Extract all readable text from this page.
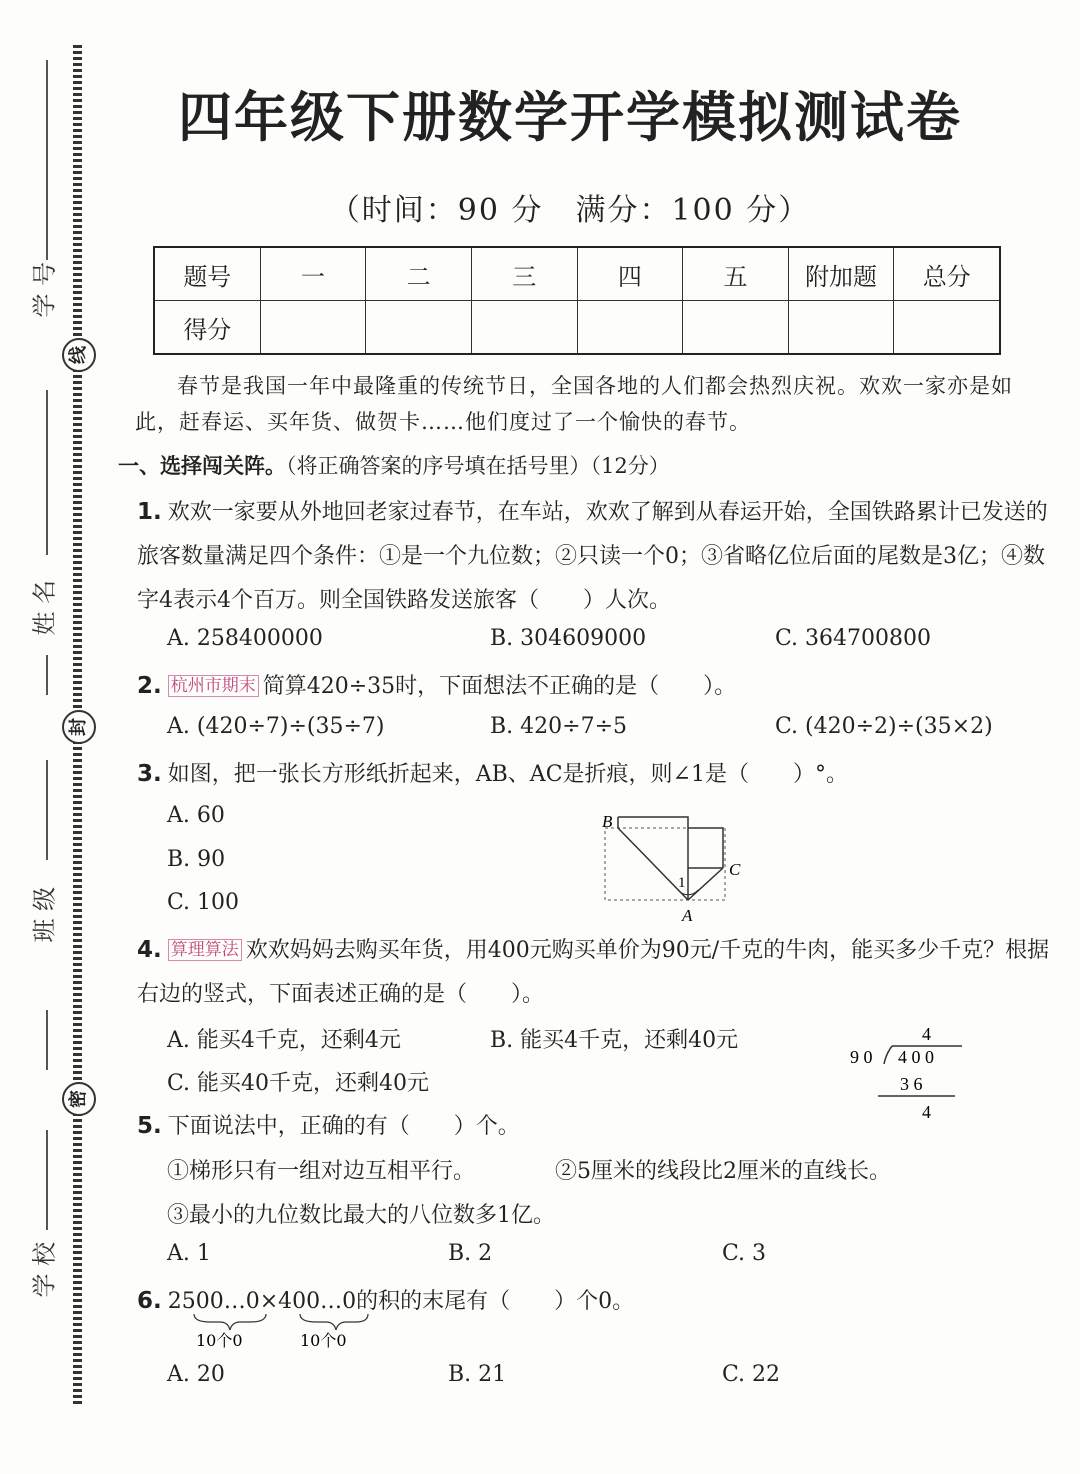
学 号
线
姓 名
封
班 级
密
学 校
四年级下册数学开学模拟测试卷
（时间：90 分　满分：100 分）
题号	一	二	三	四	五	附加题	总分
得分							
春节是我国一年中最隆重的传统节日，全国各地的人们都会热烈庆祝。欢欢一家亦是如此，赶春运、买年货、做贺卡……他们度过了一个愉快的春节。
一、选择闯关阵。（将正确答案的序号填在括号里）（12分）
1. 欢欢一家要从外地回老家过春节，在车站，欢欢了解到从春运开始，全国铁路累计已发送的旅客数量满足四个条件：①是一个九位数；②只读一个0；③省略亿位后面的尾数是3亿；④数字4表示4个百万。则全国铁路发送旅客（　　）人次。
A. 258400000	B. 304609000	C. 364700800
2. 杭州市期末 简算420÷35时，下面想法不正确的是（　　）。
A. (420÷7)÷(35÷7)	B. 420÷7÷5	C. (420÷2)÷(35×2)
3. 如图，把一张长方形纸折起来，AB、AC是折痕，则∠1是（　　）°。
A. 60
B. 90
C. 100
B
C
A
1
4. 算理算法 欢欢妈妈去购买年货，用400元购买单价为90元/千克的牛肉，能买多少千克？根据右边的竖式，下面表述正确的是（　　）。
A. 能买4千克，还剩4元	B. 能买4千克，还剩40元
C. 能买40千克，还剩40元
4
9 0 4 0 0
3 6
4
5. 下面说法中，正确的有（　　）个。
①梯形只有一组对边互相平行。	②5厘米的线段比2厘米的直线长。
③最小的九位数比最大的八位数多1亿。
A. 1	B. 2	C. 3
6. 2500…0×400…0的积的末尾有（　　）个0。
10个0	10个0
A. 20	B. 21	C. 22
